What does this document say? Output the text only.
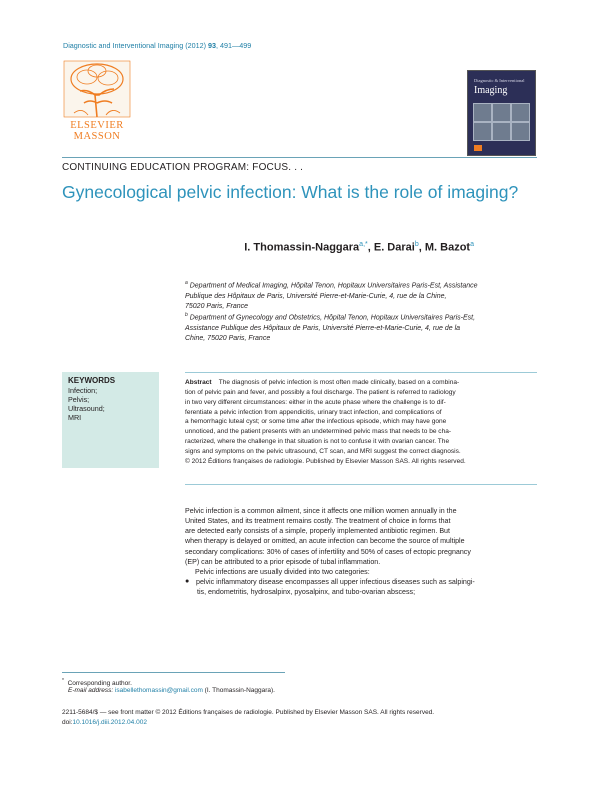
Diagnostic and Interventional Imaging (2012) 93, 491—499
ELSEVIER
MASSON
Diagnostic & Interventional
Imaging
CONTINUING EDUCATION PROGRAM: FOCUS. . .
Gynecological pelvic infection: What is the role of imaging?
I. Thomassin-Naggara$^{a,*}$, E. Darai$^b$, M. Bazot$^a$
$^a$ Department of Medical Imaging, Hôpital Tenon, Hopitaux Universitaires Paris-Est, Assistance
Publique des Hôpitaux de Paris, Université Pierre-et-Marie-Curie, 4, rue de la Chine,
75020 Paris, France
$^b$ Department of Gynecology and Obstetrics, Hôpital Tenon, Hopitaux Universitaires Paris-Est,
Assistance Publique des Hôpitaux de Paris, Université Pierre-et-Marie-Curie, 4, rue de la
Chine, 75020 Paris, France
KEYWORDS
Infection;
Pelvis;
Ultrasound;
MRI
Abstract The diagnosis of pelvic infection is most often made clinically, based on a combina-
tion of pelvic pain and fever, and possibly a foul discharge. The patient is referred to radiology
in two very different circumstances: either in the acute phase where the challenge is to dif-
ferentiate a pelvic infection from appendicitis, urinary tract infection, and complications of
a hemorrhagic luteal cyst; or some time after the infectious episode, which may have gone
unnoticed, and the patient presents with an undetermined pelvic mass that needs to be cha-
racterized, where the challenge in that situation is not to confuse it with ovarian cancer. The
signs and symptoms on the pelvic ultrasound, CT scan, and MRI suggest the correct diagnosis.
© 2012 Éditions françaises de radiologie. Published by Elsevier Masson SAS. All rights reserved.
Pelvic infection is a common ailment, since it affects one million women annually in the
United States, and its treatment remains costly. The treatment of choice in forms that
are detected early consists of a simple, properly implemented antibiotic regimen. But
when therapy is delayed or omitted, an acute infection can become the source of multiple
secondary complications: 30% of cases of infertility and 50% of cases of ectopic pregnancy
(EP) can be attributed to a prior episode of tubal inflammation.
Pelvic infections are usually divided into two categories:
● pelvic inflammatory disease encompasses all upper infectious diseases such as salpingi-
tis, endometritis, hydrosalpinx, pyosalpinx, and tubo-ovarian abscess;
* Corresponding author.
E-mail address: isabellethomassin@gmail.com (I. Thomassin-Naggara).
2211-5684/$ — see front matter © 2012 Éditions françaises de radiologie. Published by Elsevier Masson SAS. All rights reserved.
doi:10.1016/j.diii.2012.04.002
